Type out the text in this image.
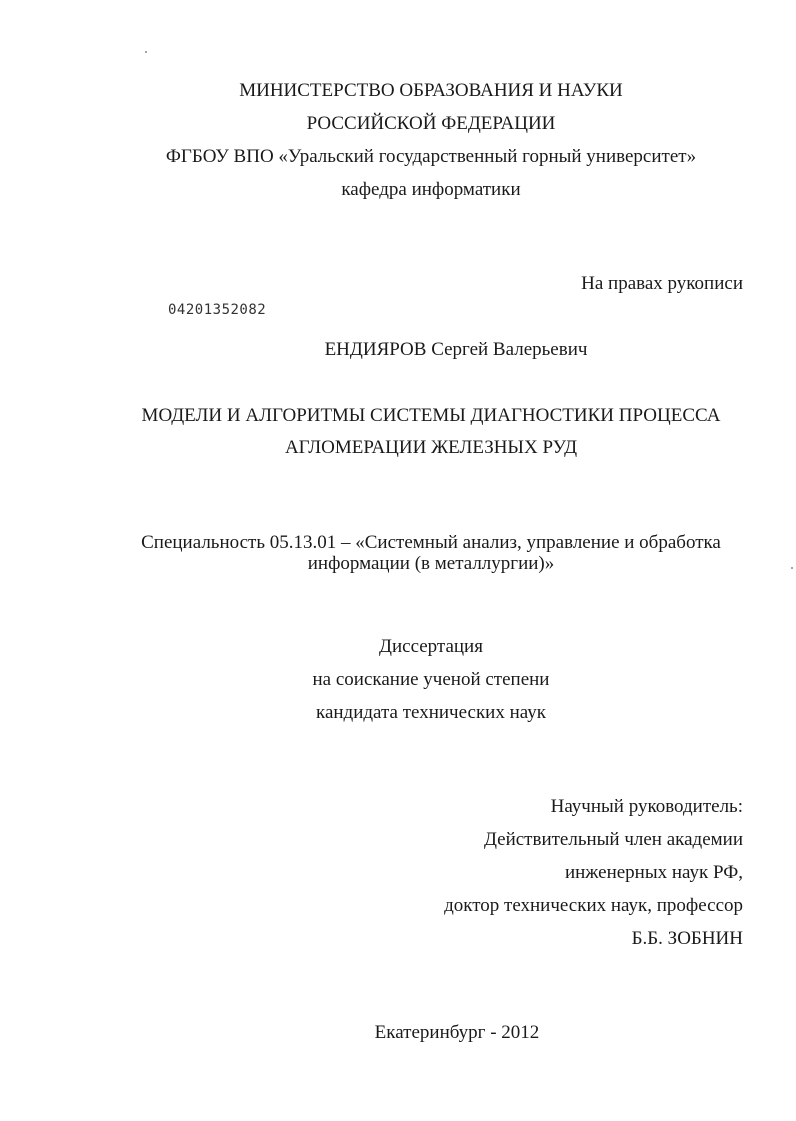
МИНИСТЕРСТВО ОБРАЗОВАНИЯ И НАУКИ
РОССИЙСКОЙ ФЕДЕРАЦИИ
ФГБОУ ВПО «Уральский государственный горный университет»
кафедра информатики
На правах рукописи
04201352082
ЕНДИЯРОВ Сергей Валерьевич
МОДЕЛИ И АЛГОРИТМЫ СИСТЕМЫ ДИАГНОСТИКИ ПРОЦЕССА
АГЛОМЕРАЦИИ ЖЕЛЕЗНЫХ РУД
Специальность 05.13.01 – «Системный анализ, управление и обработка
информации (в металлургии)»
Диссертация
на соискание ученой степени
кандидата технических наук
Научный руководитель:
Действительный член академии
инженерных наук РФ,
доктор технических наук, профессор
Б.Б. ЗОБНИН
Екатеринбург - 2012
